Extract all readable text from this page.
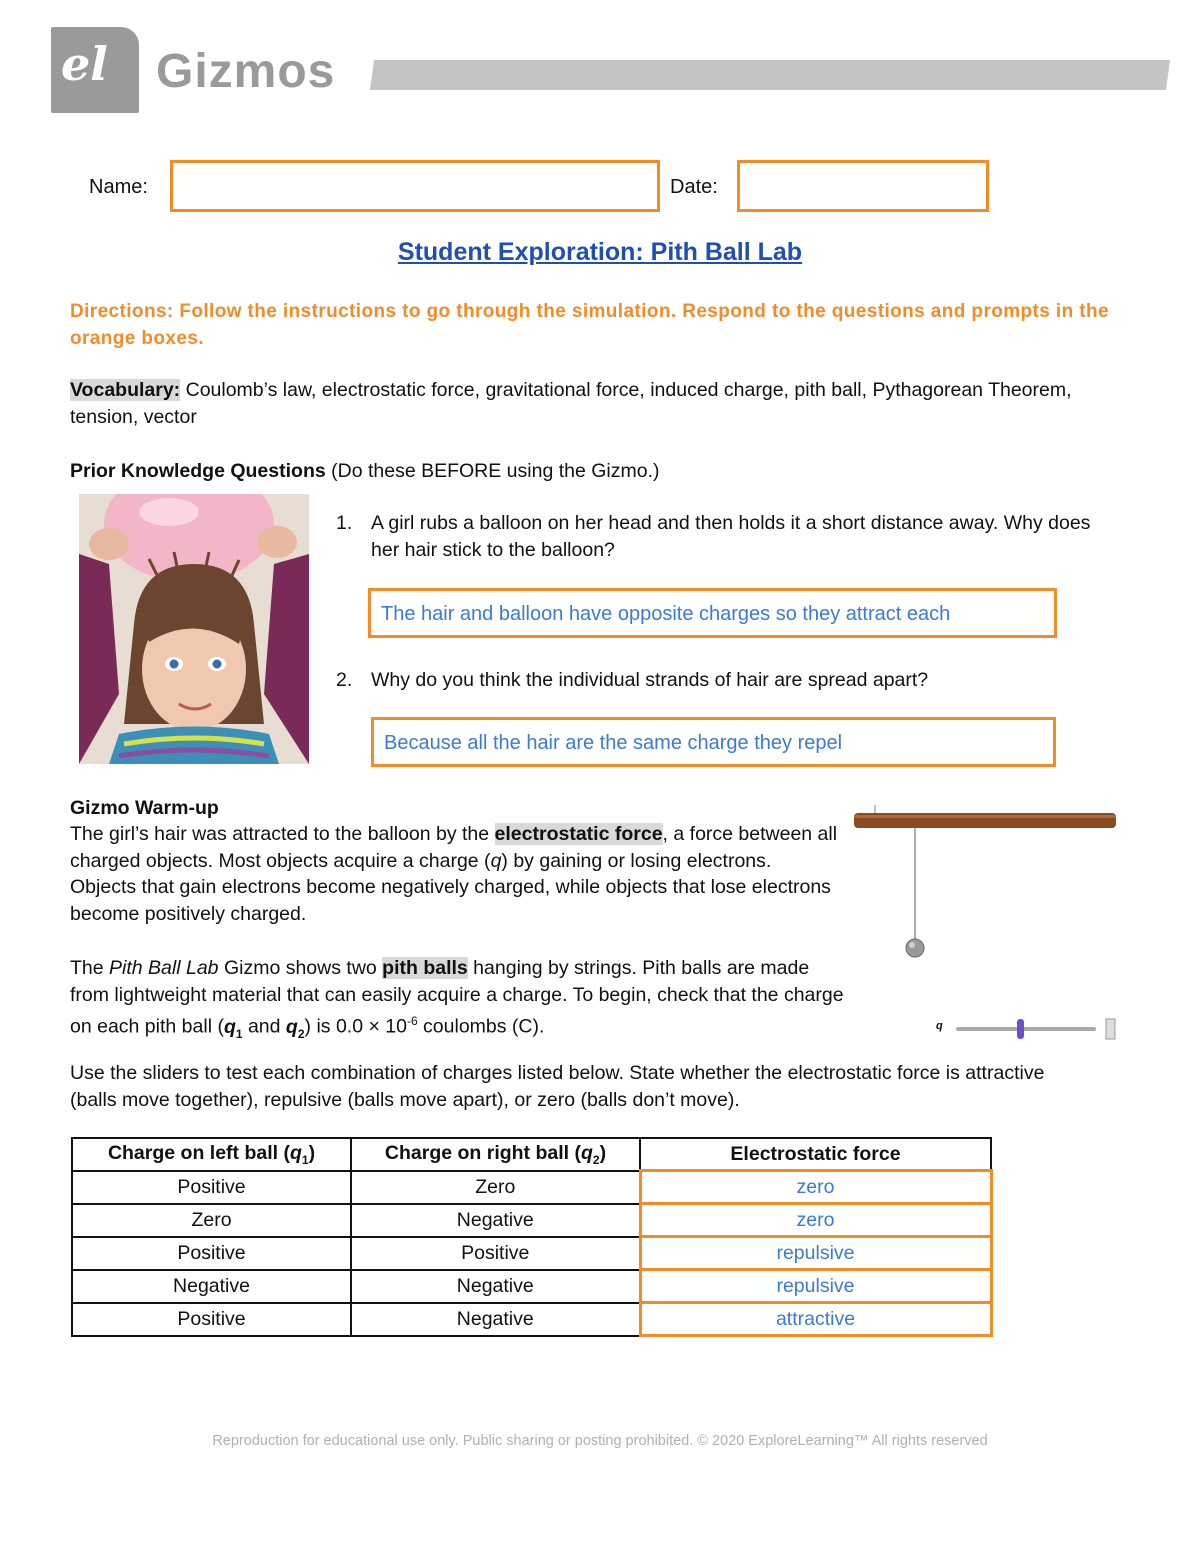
el Gizmos
Name:	Date:
Student Exploration: Pith Ball Lab
Directions: Follow the instructions to go through the simulation. Respond to the questions and prompts in the orange boxes.
Vocabulary: Coulomb’s law, electrostatic force, gravitational force, induced charge, pith ball, Pythagorean Theorem, tension, vector
Prior Knowledge Questions (Do these BEFORE using the Gizmo.)
1. A girl rubs a balloon on her head and then holds it a short distance away. Why does her hair stick to the balloon?
The hair and balloon have opposite charges so they attract each
2. Why do you think the individual strands of hair are spread apart?
Because all the hair are the same charge they repel
Gizmo Warm-up
The girl’s hair was attracted to the balloon by the electrostatic force, a force between all charged objects. Most objects acquire a charge (q) by gaining or losing electrons. Objects that gain electrons become negatively charged, while objects that lose electrons become positively charged.
The Pith Ball Lab Gizmo shows two pith balls hanging by strings. Pith balls are made from lightweight material that can easily acquire a charge. To begin, check that the charge on each pith ball ($q_1$ and $q_2$) is $0.0 \times 10^{-6}$ coulombs (C).	q
Use the sliders to test each combination of charges listed below. State whether the electrostatic force is attractive (balls move together), repulsive (balls move apart), or zero (balls don’t move).
Charge on left ball $(q_1)$	Charge on right ball $(q_2)$	Electrostatic force
Positive	Zero	zero
Zero	Negative	zero
Positive	Positive	repulsive
Negative	Negative	repulsive
Positive	Negative	attractive
Reproduction for educational use only. Public sharing or posting prohibited. © 2020 ExploreLearning™ All rights reserved
